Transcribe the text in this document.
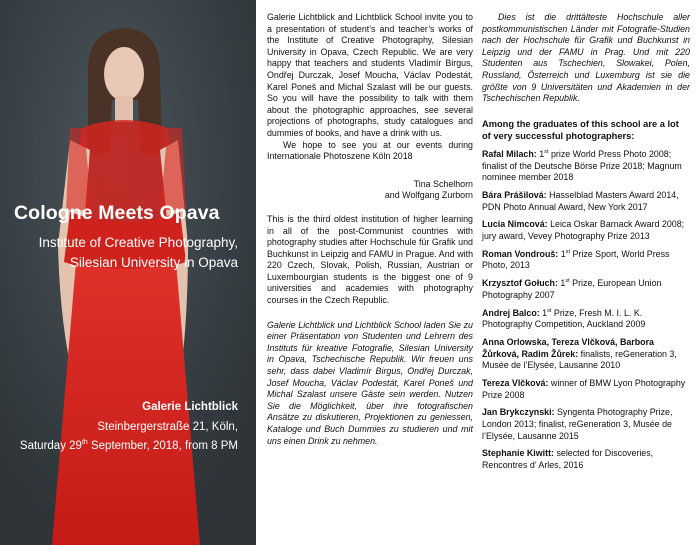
Cologne Meets Opava
Institute of Creative Photography, Silesian University in Opava
Galerie Lichtblick
Steinbergerstraße 21, Köln,
Saturday 29th September, 2018, from 8 PM

Galerie Lichtblick and Lichtblick School invite you to a presentation of student’s and teacher’s works of the Institute of Creative Photography, Silesian University in Opava, Czech Republic. We are very happy that teachers and students Vladimír Birgus, Ondřej Durczak, Josef Moucha, Václav Podestát, Karel Poneš and Michal Szalast will be our guests. So you will have the possibility to talk with them about the photographic approaches, see several projections of photographs, study catalogues and dummies of books, and have a drink with us.

We hope to see you at our events during Internationale Photoszene Köln 2018

Tina Schelhorn
and Wolfgang Zurborn

This is the third oldest institution of higher learning in all of the post-Communist countries with photography studies after Hochschule für Grafik und Buchkunst in Leipzig and FAMU in Prague. And with 220 Czech, Slovak, Polish, Russian, Austrian or Luxembourgian students is the biggest one of 9 universities and academies with photography courses in the Czech Republic.

Galerie Lichtblick und Lichtblick School laden Sie zu einer Präsentation von Studenten und Lehrern des Instituts für kreative Fotografie, Silesian University in Opava, Tschechische Republik. Wir freuen uns sehr, dass dabei Vladimír Birgus, Ondřej Durczak, Josef Moucha, Václav Podestát, Karel Poneš und Michal Szalast unsere Gäste sein werden. Nutzen Sie die Möglichkeit, über ihre fotografischen Ansätze zu diskutieren, Projektionen zu geniessen, Kataloge und Buch Dummies zu studieren und mit uns einen Drink zu nehmen.

Dies ist die drittälteste Hochschule aller postkommunistischen Länder mit Fotografie-Studien nach der Hochschule für Grafik und Buchkunst in Leipzig und der FAMU in Prag. Und mit 220 Studenten aus Tschechien, Slowakei, Polen, Russland, Österreich und Luxemburg ist sie die größte von 9 Universitäten und Akademien in der Tschechischen Republik.

Among the graduates of this school are a lot of very successful photographers:

Rafal Milach: 1st prize World Press Photo 2008; finalist of the Deutsche Börse Prize 2018; Magnum nominee member 2018

Bára Prášilová: Hasselblad Masters Award 2014, PDN Photo Annual Award, New York 2017

Lucia Nimcová: Leica Oskar Barnack Award 2008; jury award, Vevey Photography Prize 2013

Roman Vondrouš: 1st Prize Sport, World Press Photo, 2013

Krzysztof Gołuch: 1st Prize, European Union Photography 2007

Andrej Balco: 1st Prize, Fresh M. I. L. K. Photography Competition, Auckland 2009

Anna Orlowska, Tereza Vlčková, Barbora Žůrková, Radim Žůrek: finalists, reGeneration 3, Musée de l’Elysée, Lausanne 2010

Tereza Vlčková: winner of BMW Lyon Photography Prize 2008

Jan Brykczynski: Syngenta Photography Prize, London 2013; finalist, reGeneration 3, Musée de l’Elysée, Lausanne 2015

Stephanie Kiwitt: selected for Discoveries, Rencontres d’ Arles, 2016
